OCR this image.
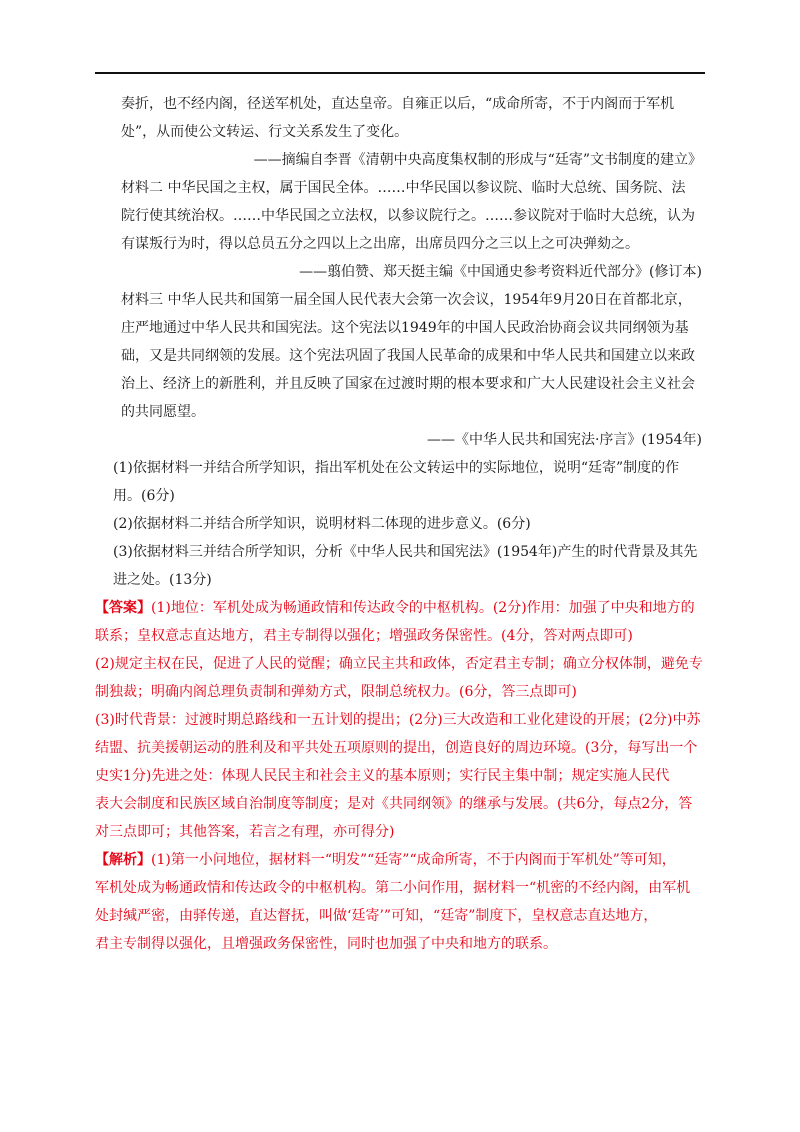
奏折，也不经内阁，径送军机处，直达皇帝。自雍正以后，“成命所寄，不于内阁而于军机
处”，从而使公文转运、行文关系发生了变化。
——摘编自李晋《清朝中央高度集权制的形成与“廷寄”文书制度的建立》
材料二 中华民国之主权，属于国民全体。……中华民国以参议院、临时大总统、国务院、法
院行使其统治权。……中华民国之立法权，以参议院行之。……参议院对于临时大总统，认为
有谋叛行为时，得以总员五分之四以上之出席，出席员四分之三以上之可决弹劾之。
——翦伯赞、郑天挺主编《中国通史参考资料近代部分》(修订本)
材料三 中华人民共和国第一届全国人民代表大会第一次会议，1954年9月20日在首都北京，
庄严地通过中华人民共和国宪法。这个宪法以1949年的中国人民政治协商会议共同纲领为基
础，又是共同纲领的发展。这个宪法巩固了我国人民革命的成果和中华人民共和国建立以来政
治上、经济上的新胜利，并且反映了国家在过渡时期的根本要求和广大人民建设社会主义社会
的共同愿望。
——《中华人民共和国宪法·序言》(1954年)
(1)依据材料一并结合所学知识，指出军机处在公文转运中的实际地位，说明“廷寄”制度的作
用。(6分)
(2)依据材料二并结合所学知识，说明材料二体现的进步意义。(6分)
(3)依据材料三并结合所学知识，分析《中华人民共和国宪法》(1954年)产生的时代背景及其先
进之处。(13分)
【答案】(1)地位：军机处成为畅通政情和传达政令的中枢机构。(2分)作用：加强了中央和地方的
联系；皇权意志直达地方，君主专制得以强化；增强政务保密性。(4分，答对两点即可)
(2)规定主权在民，促进了人民的觉醒；确立民主共和政体，否定君主专制；确立分权体制，避免专
制独裁；明确内阁总理负责制和弹劾方式，限制总统权力。(6分，答三点即可)
(3)时代背景：过渡时期总路线和一五计划的提出；(2分)三大改造和工业化建设的开展；(2分)中苏
结盟、抗美援朝运动的胜利及和平共处五项原则的提出，创造良好的周边环境。(3分，每写出一个
史实1分)先进之处：体现人民民主和社会主义的基本原则；实行民主集中制；规定实施人民代
表大会制度和民族区域自治制度等制度；是对《共同纲领》的继承与发展。(共6分，每点2分，答
对三点即可；其他答案，若言之有理，亦可得分)
【解析】(1)第一小问地位，据材料一“明发”“廷寄”“成命所寄，不于内阁而于军机处”等可知，
军机处成为畅通政情和传达政令的中枢机构。第二小问作用，据材料一“机密的不经内阁，由军机
处封缄严密，由驿传递，直达督抚，叫做‘廷寄’”可知，“廷寄”制度下，皇权意志直达地方，
君主专制得以强化，且增强政务保密性，同时也加强了中央和地方的联系。
